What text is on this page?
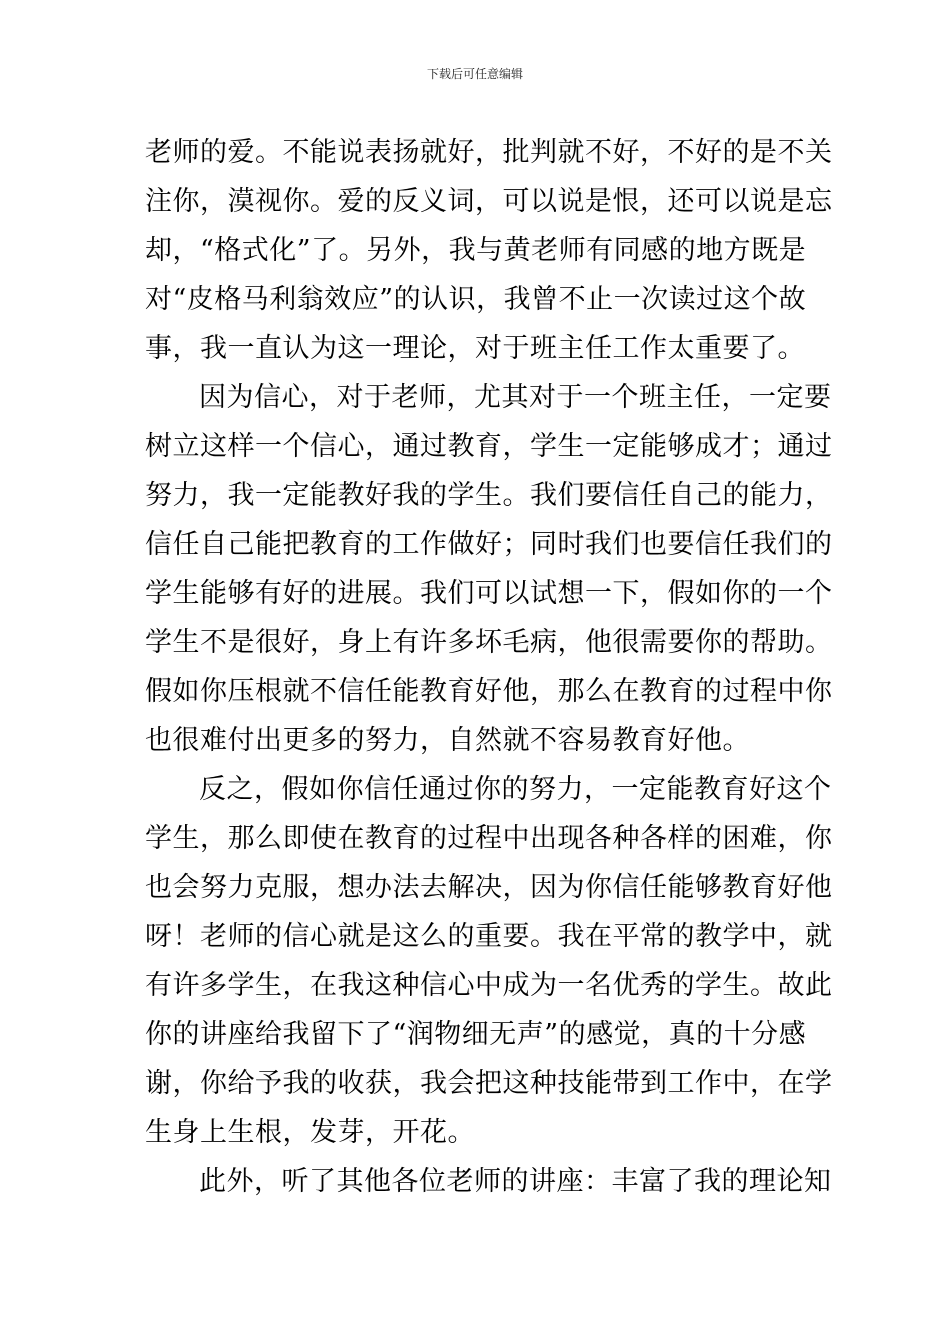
下载后可任意编辑
老师的爱。不能说表扬就好，批判就不好，不好的是不关
注你，漠视你。爱的反义词，可以说是恨，还可以说是忘
却，“格式化”了。另外，我与黄老师有同感的地方既是
对“皮格马利翁效应”的认识，我曾不止一次读过这个故
事，我一直认为这一理论，对于班主任工作太重要了。
因为信心，对于老师，尤其对于一个班主任，一定要
树立这样一个信心，通过教育，学生一定能够成才；通过
努力，我一定能教好我的学生。我们要信任自己的能力，
信任自己能把教育的工作做好；同时我们也要信任我们的
学生能够有好的进展。我们可以试想一下，假如你的一个
学生不是很好，身上有许多坏毛病，他很需要你的帮助。
假如你压根就不信任能教育好他，那么在教育的过程中你
也很难付出更多的努力，自然就不容易教育好他。
反之，假如你信任通过你的努力，一定能教育好这个
学生，那么即使在教育的过程中出现各种各样的困难，你
也会努力克服，想办法去解决，因为你信任能够教育好他
呀！老师的信心就是这么的重要。我在平常的教学中，就
有许多学生，在我这种信心中成为一名优秀的学生。故此
你的讲座给我留下了“润物细无声”的感觉，真的十分感
谢，你给予我的收获，我会把这种技能带到工作中，在学
生身上生根，发芽，开花。
此外，听了其他各位老师的讲座：丰富了我的理论知
